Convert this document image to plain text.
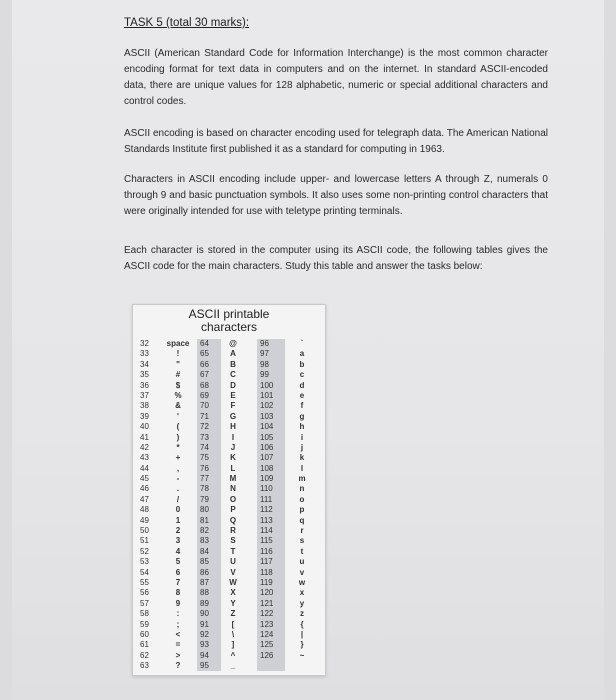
TASK 5 (total 30 marks):
ASCII (American Standard Code for Information Interchange) is the most common character encoding format for text data in computers and on the internet. In standard ASCII-encoded data, there are unique values for 128 alphabetic, numeric or special additional characters and control codes.
ASCII encoding is based on character encoding used for telegraph data. The American National Standards Institute first published it as a standard for computing in 1963.
Characters in ASCII encoding include upper- and lowercase letters A through Z, numerals 0 through 9 and basic punctuation symbols. It also uses some non-printing control characters that were originally intended for use with teletype printing terminals.
Each character is stored in the computer using its ASCII code, the following tables gives the ASCII code for the main characters. Study this table and answer the tasks below:
ASCII printable
characters
32
33
34
35
36
37
38
39
40
41
42
43
44
45
46
47
48
49
50
51
52
53
54
55
56
57
58
59
60
61
62
63
space
!
"
#
$
%
&
'
(
)
*
+
,
-
.
/
0
1
2
3
4
5
6
7
8
9
:
;
<
=
>
?
64
65
66
67
68
69
70
71
72
73
74
75
76
77
78
79
80
81
82
83
84
85
86
87
88
89
90
91
92
93
94
95
@
A
B
C
D
E
F
G
H
I
J
K
L
M
N
O
P
Q
R
S
T
U
V
W
X
Y
Z
[
\
]
^
_
96
97
98
99
100
101
102
103
104
105
106
107
108
109
110
111
112
113
114
115
116
117
118
119
120
121
122
123
124
125
126
`
a
b
c
d
e
f
g
h
i
j
k
l
m
n
o
p
q
r
s
t
u
v
w
x
y
z
{
|
}
~
